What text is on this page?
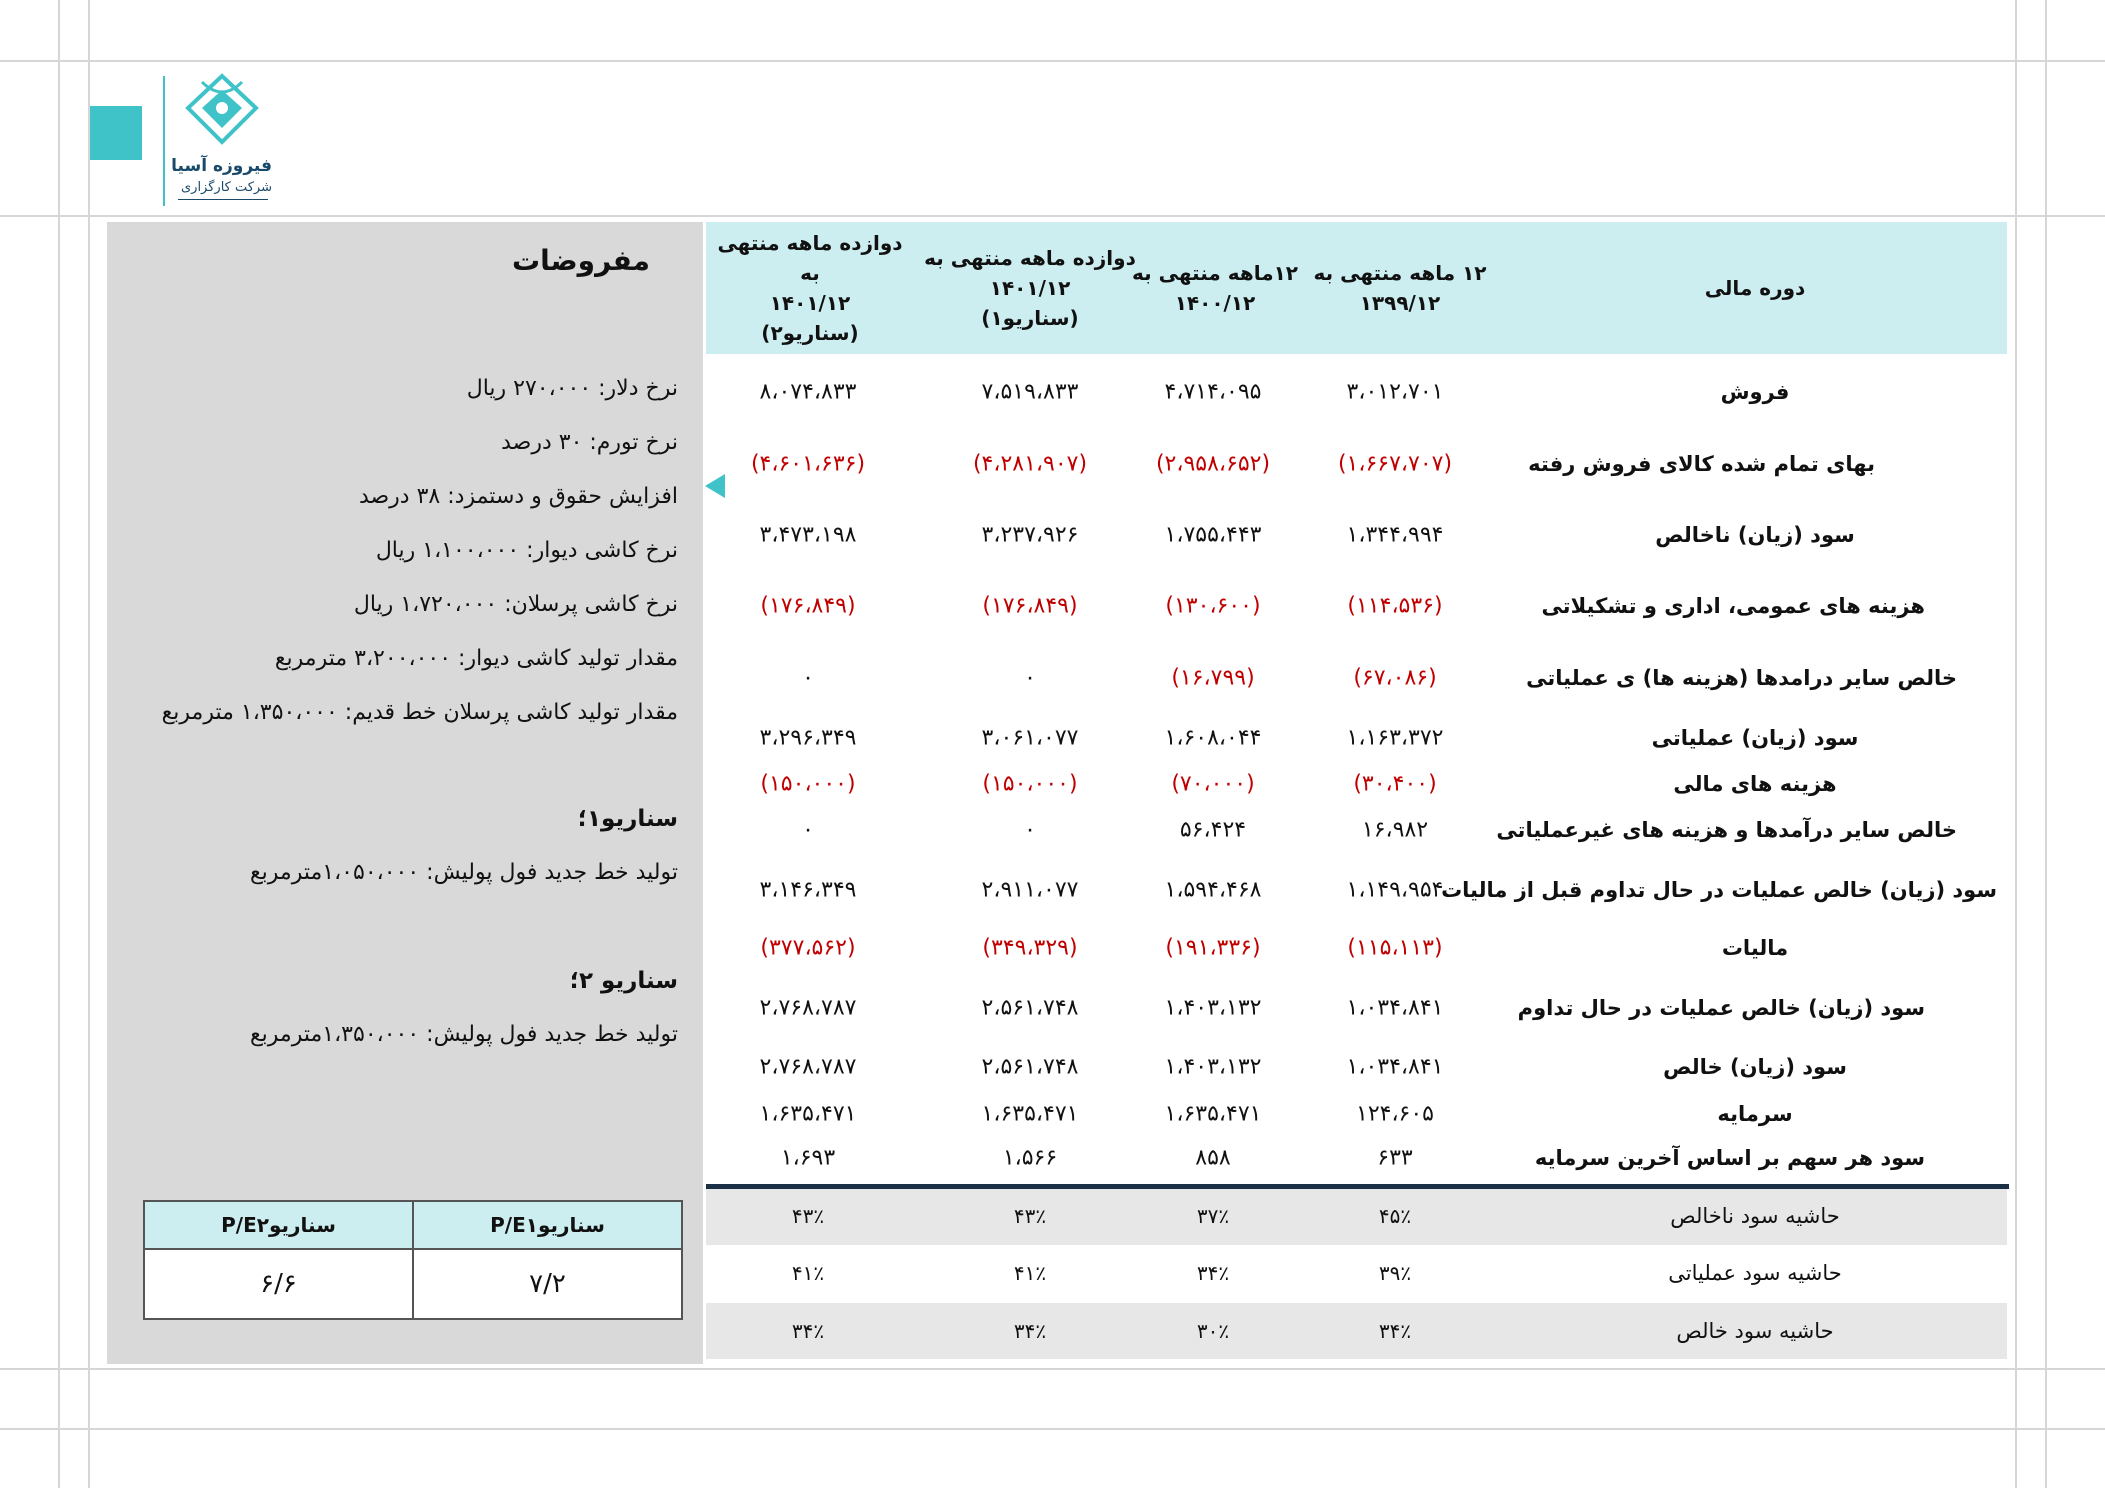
فیروزه آسیا
شرکت کارگزاری
مفروضات
نرخ دلار: ۲۷۰،۰۰۰ ریال
نرخ تورم: ۳۰ درصد
افزایش حقوق و دستمزد: ۳۸ درصد
نرخ کاشی دیوار: ۱،۱۰۰،۰۰۰ ریال
نرخ کاشی پرسلان: ۱،۷۲۰،۰۰۰ ریال
مقدار تولید کاشی دیوار: ۳،۲۰۰،۰۰۰ مترمربع
مقدار تولید کاشی پرسلان خط قدیم: ۱،۳۵۰،۰۰۰ مترمربع
سناریو۱؛
تولید خط جدید فول پولیش: ۱،۰۵۰،۰۰۰مترمربع
سناریو ۲؛
تولید خط جدید فول پولیش: ۱،۳۵۰،۰۰۰مترمربع
P/Eسناریو۱
P/Eسناریو۲
۷/۲
۶/۶
دوره مالی
۱۲ ماهه منتهی به
۱۳۹۹/۱۲
۱۲ماهه منتهی به
۱۴۰۰/۱۲
دوازده ماهه منتهی به
۱۴۰۱/۱۲
(سناریو۱)
دوازده ماهه منتهی به
۱۴۰۱/۱۲
(سناریو۲)
فروش
۳،۰۱۲،۷۰۱
۴،۷۱۴،۰۹۵
۷،۵۱۹،۸۳۳
۸،۰۷۴،۸۳۳
بهای تمام شده کالای فروش رفته
(۱،۶۶۷،۷۰۷)
(۲،۹۵۸،۶۵۲)
(۴،۲۸۱،۹۰۷)
(۴،۶۰۱،۶۳۶)
سود (زیان) ناخالص
۱،۳۴۴،۹۹۴
۱،۷۵۵،۴۴۳
۳،۲۳۷،۹۲۶
۳،۴۷۳،۱۹۸
هزینه های عمومی، اداری و تشکیلاتی
(۱۱۴،۵۳۶)
(۱۳۰،۶۰۰)
(۱۷۶،۸۴۹)
(۱۷۶،۸۴۹)
خالص سایر درامدها (هزینه ها) ی عملیاتی
(۶۷،۰۸۶)
(۱۶،۷۹۹)
۰
۰
سود (زیان) عملیاتی
۱،۱۶۳،۳۷۲
۱،۶۰۸،۰۴۴
۳،۰۶۱،۰۷۷
۳،۲۹۶،۳۴۹
هزینه های مالی
(۳۰،۴۰۰)
(۷۰،۰۰۰)
(۱۵۰،۰۰۰)
(۱۵۰،۰۰۰)
خالص سایر درآمدها و هزینه های غیرعملیاتی
۱۶،۹۸۲
۵۶،۴۲۴
۰
۰
سود (زیان) خالص عملیات در حال تداوم قبل از مالیات
۱،۱۴۹،۹۵۴
۱،۵۹۴،۴۶۸
۲،۹۱۱،۰۷۷
۳،۱۴۶،۳۴۹
مالیات
(۱۱۵،۱۱۳)
(۱۹۱،۳۳۶)
(۳۴۹،۳۲۹)
(۳۷۷،۵۶۲)
سود (زیان) خالص عملیات در حال تداوم
۱،۰۳۴،۸۴۱
۱،۴۰۳،۱۳۲
۲،۵۶۱،۷۴۸
۲،۷۶۸،۷۸۷
سود (زیان) خالص
۱،۰۳۴،۸۴۱
۱،۴۰۳،۱۳۲
۲،۵۶۱،۷۴۸
۲،۷۶۸،۷۸۷
سرمایه
۱۲۴،۶۰۵
۱،۶۳۵،۴۷۱
۱،۶۳۵،۴۷۱
۱،۶۳۵،۴۷۱
سود هر سهم بر اساس آخرین سرمایه
۶۳۳
۸۵۸
۱،۵۶۶
۱،۶۹۳
حاشیه سود ناخالص
۴۵٪
۳۷٪
۴۳٪
۴۳٪
حاشیه سود عملیاتی
۳۹٪
۳۴٪
۴۱٪
۴۱٪
حاشیه سود خالص
۳۴٪
۳۰٪
۳۴٪
۳۴٪
